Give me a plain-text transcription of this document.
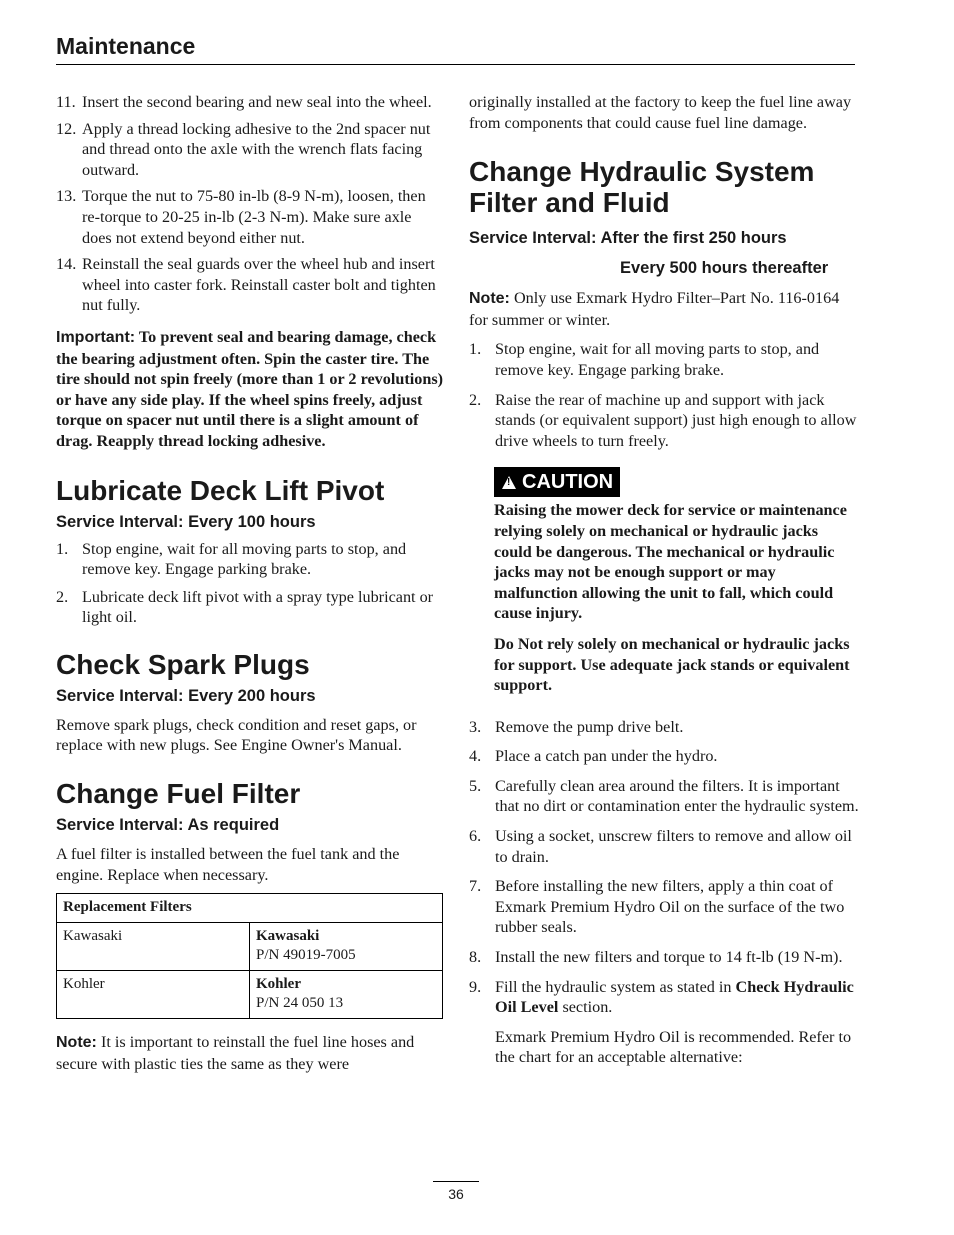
Maintenance
11. Insert the second bearing and new seal into the wheel.
12. Apply a thread locking adhesive to the 2nd spacer nut and thread onto the axle with the wrench flats facing outward.
13. Torque the nut to 75-80 in-lb (8-9 N-m), loosen, then re-torque to 20-25 in-lb (2-3 N-m). Make sure axle does not extend beyond either nut.
14. Reinstall the seal guards over the wheel hub and insert wheel into caster fork. Reinstall caster bolt and tighten nut fully.

Important: To prevent seal and bearing damage, check the bearing adjustment often. Spin the caster tire. The tire should not spin freely (more than 1 or 2 revolutions) or have any side play. If the wheel spins freely, adjust torque on spacer nut until there is a slight amount of drag. Reapply thread locking adhesive.

Lubricate Deck Lift Pivot
Service Interval: Every 100 hours
1. Stop engine, wait for all moving parts to stop, and remove key. Engage parking brake.
2. Lubricate deck lift pivot with a spray type lubricant or light oil.
Check Spark Plugs
Service Interval: Every 200 hours

Remove spark plugs, check condition and reset gaps, or replace with new plugs. See Engine Owner's Manual.

Change Fuel Filter
Service Interval: As required

A fuel filter is installed between the fuel tank and the engine. Replace when necessary.

Replacement Filters	
Kawasaki	Kawasaki
P/N 49019-7005

Kohler	Kohler
P/N 24 050 13

Note: It is important to reinstall the fuel line hoses and secure with plastic ties the same as they were

originally installed at the factory to keep the fuel line away from components that could cause fuel line damage.

Change Hydraulic System Filter and Fluid
Service Interval: After the first 250 hours
Every 500 hours thereafter

Note: Only use Exmark Hydro Filter–Part No. 116-0164 for summer or winter.

1. Stop engine, wait for all moving parts to stop, and remove key. Engage parking brake.
2. Raise the rear of machine up and support with jack stands (or equivalent support) just high enough to allow drive wheels to turn freely.
!CAUTION

Raising the mower deck for service or maintenance relying solely on mechanical or hydraulic jacks could be dangerous. The mechanical or hydraulic jacks may not be enough support or may malfunction allowing the unit to fall, which could cause injury.

Do Not rely solely on mechanical or hydraulic jacks for support. Use adequate jack stands or equivalent support.

3. Remove the pump drive belt.
4. Place a catch pan under the hydro.
5. Carefully clean area around the filters. It is important that no dirt or contamination enter the hydraulic system.
6. Using a socket, unscrew filters to remove and allow oil to drain.
7. Before installing the new filters, apply a thin coat of Exmark Premium Hydro Oil on the surface of the two rubber seals.
8. Install the new filters and torque to 14 ft-lb (19 N-m).
9. Fill the hydraulic system as stated in Check Hydraulic Oil Level section.

Exmark Premium Hydro Oil is recommended. Refer to the chart for an acceptable alternative:

36
